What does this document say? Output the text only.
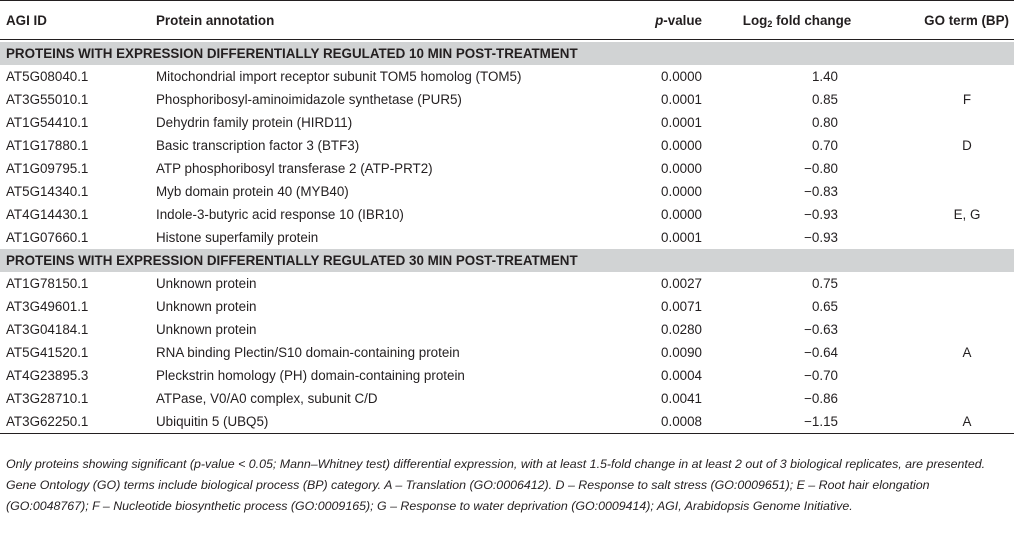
AGI ID	Protein annotation	p-value	Log$_2$ fold change	GO term (BP)

PROTEINS WITH EXPRESSION DIFFERENTIALLY REGULATED 10 MIN POST-TREATMENT				
AT5G08040.1	Mitochondrial import receptor subunit TOM5 homolog (TOM5)	0.0000	1.40	
AT3G55010.1	Phosphoribosyl-aminoimidazole synthetase (PUR5)	0.0001	0.85	F
AT1G54410.1	Dehydrin family protein (HIRD11)	0.0001	0.80	
AT1G17880.1	Basic transcription factor 3 (BTF3)	0.0000	0.70	D
AT1G09795.1	ATP phosphoribosyl transferase 2 (ATP-PRT2)	0.0000	−0.80	
AT5G14340.1	Myb domain protein 40 (MYB40)	0.0000	−0.83	
AT4G14430.1	Indole-3-butyric acid response 10 (IBR10)	0.0000	−0.93	E, G
AT1G07660.1	Histone superfamily protein	0.0001	−0.93	
PROTEINS WITH EXPRESSION DIFFERENTIALLY REGULATED 30 MIN POST-TREATMENT				
AT1G78150.1	Unknown protein	0.0027	0.75	
AT3G49601.1	Unknown protein	0.0071	0.65	
AT3G04184.1	Unknown protein	0.0280	−0.63	
AT5G41520.1	RNA binding Plectin/S10 domain-containing protein	0.0090	−0.64	A
AT4G23895.3	Pleckstrin homology (PH) domain-containing protein	0.0004	−0.70	
AT3G28710.1	ATPase, V0/A0 complex, subunit C/D	0.0041	−0.86	
AT3G62250.1	Ubiquitin 5 (UBQ5)	0.0008	−1.15	A
Only proteins showing significant (p-value < 0.05; Mann–Whitney test) differential expression, with at least 1.5-fold change in at least 2 out of 3 biological replicates, are presented. Gene Ontology (GO) terms include biological process (BP) category. A – Translation (GO:0006412). D – Response to salt stress (GO:0009651); E – Root hair elongation (GO:0048767); F – Nucleotide biosynthetic process (GO:0009165); G – Response to water deprivation (GO:0009414); AGI, Arabidopsis Genome Initiative.
